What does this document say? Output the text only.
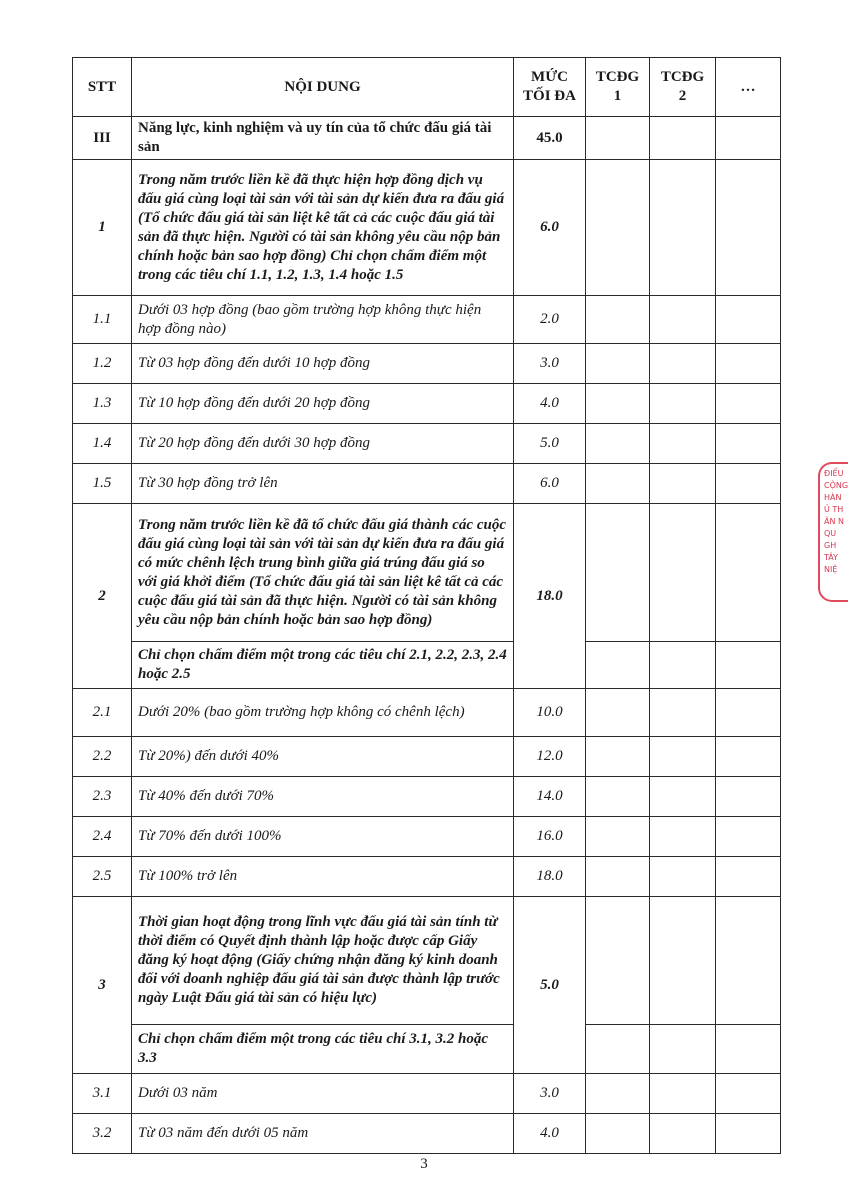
STT	NỘI DUNG	MỨC TỐI ĐA	TCĐG 1	TCĐG 2	…
III	Năng lực, kinh nghiệm và uy tín của tổ chức đấu giá tài sản	45.0			
1	Trong năm trước liền kề đã thực hiện hợp đồng dịch vụ đấu giá cùng loại tài sản với tài sản dự kiến đưa ra đấu giá (Tổ chức đấu giá tài sản liệt kê tất cả các cuộc đấu giá tài sản đã thực hiện. Người có tài sản không yêu cầu nộp bản chính hoặc bản sao hợp đồng) Chỉ chọn chấm điểm một trong các tiêu chí 1.1, 1.2, 1.3, 1.4 hoặc 1.5	6.0			
1.1	Dưới 03 hợp đồng (bao gồm trường hợp không thực hiện hợp đồng nào)	2.0			
1.2	Từ 03 hợp đồng đến dưới 10 hợp đồng	3.0			
1.3	Từ 10 hợp đồng đến dưới 20 hợp đồng	4.0			
1.4	Từ 20 hợp đồng đến dưới 30 hợp đồng	5.0			
1.5	Từ 30 hợp đồng trở lên	6.0			
2	Trong năm trước liền kề đã tổ chức đấu giá thành các cuộc đấu giá cùng loại tài sản với tài sản dự kiến đưa ra đấu giá có mức chênh lệch trung bình giữa giá trúng đấu giá so với giá khởi điểm (Tổ chức đấu giá tài sản liệt kê tất cả các cuộc đấu giá tài sản đã thực hiện. Người có tài sản không yêu cầu nộp bản chính hoặc bản sao hợp đồng)	18.0			
	Chỉ chọn chấm điểm một trong các tiêu chí 2.1, 2.2, 2.3, 2.4 hoặc 2.5				
2.1	Dưới 20% (bao gồm trường hợp không có chênh lệch)	10.0			
2.2	Từ 20%) đến dưới 40%	12.0			
2.3	Từ 40% đến dưới 70%	14.0			
2.4	Từ 70% đến dưới 100%	16.0			
2.5	Từ 100% trở lên	18.0			
3	Thời gian hoạt động trong lĩnh vực đấu giá tài sản tính từ thời điểm có Quyết định thành lập hoặc được cấp Giấy đăng ký hoạt động (Giấy chứng nhận đăng ký kinh doanh đối với doanh nghiệp đấu giá tài sản được thành lập trước ngày Luật Đấu giá tài sản có hiệu lực)	5.0			
	Chỉ chọn chấm điểm một trong các tiêu chí 3.1, 3.2 hoặc 3.3				
3.1	Dưới 03 năm	3.0			
3.2	Từ 03 năm đến dưới 05 năm	4.0			
ĐIỂU CỘNG HÀN Ủ TH ÂN N QU GH TÂY NIỆ
3
